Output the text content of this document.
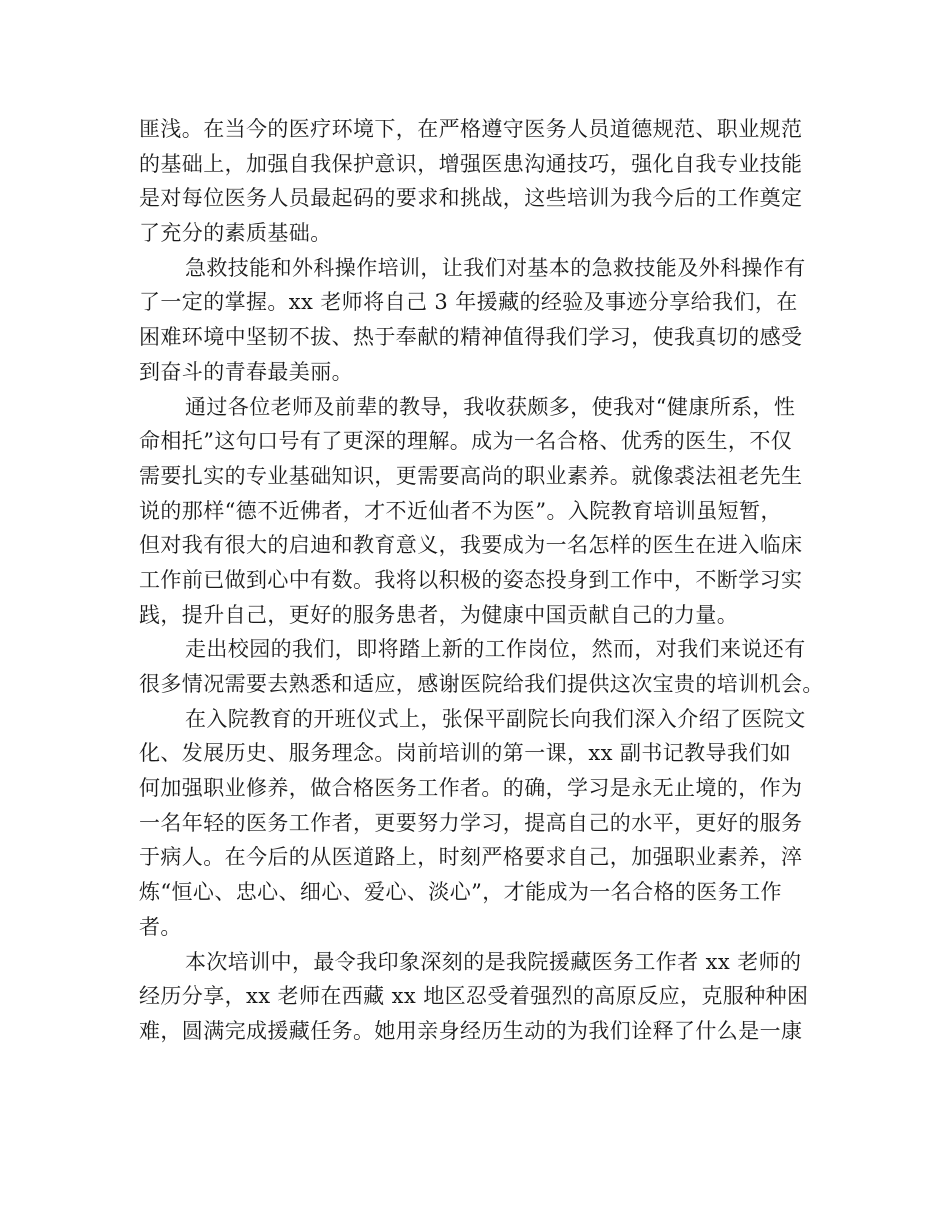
匪浅。在当今的医疗环境下，在严格遵守医务人员道德规范、职业规范
的基础上，加强自我保护意识，增强医患沟通技巧，强化自我专业技能
是对每位医务人员最起码的要求和挑战，这些培训为我今后的工作奠定
了充分的素质基础。
急救技能和外科操作培训，让我们对基本的急救技能及外科操作有
了一定的掌握。xx 老师将自己 3 年援藏的经验及事迹分享给我们，在
困难环境中坚韧不拔、热于奉献的精神值得我们学习，使我真切的感受
到奋斗的青春最美丽。
通过各位老师及前辈的教导，我收获颇多，使我对“健康所系，性
命相托”这句口号有了更深的理解。成为一名合格、优秀的医生，不仅
需要扎实的专业基础知识，更需要高尚的职业素养。就像裘法祖老先生
说的那样“德不近佛者，才不近仙者不为医”。入院教育培训虽短暂，
但对我有很大的启迪和教育意义，我要成为一名怎样的医生在进入临床
工作前已做到心中有数。我将以积极的姿态投身到工作中，不断学习实
践，提升自己，更好的服务患者，为健康中国贡献自己的力量。
走出校园的我们，即将踏上新的工作岗位，然而，对我们来说还有
很多情况需要去熟悉和适应，感谢医院给我们提供这次宝贵的培训机会。
在入院教育的开班仪式上，张保平副院长向我们深入介绍了医院文
化、发展历史、服务理念。岗前培训的第一课，xx 副书记教导我们如
何加强职业修养，做合格医务工作者。的确，学习是永无止境的，作为
一名年轻的医务工作者，更要努力学习，提高自己的水平，更好的服务
于病人。在今后的从医道路上，时刻严格要求自己，加强职业素养，淬
炼“恒心、忠心、细心、爱心、淡心”，才能成为一名合格的医务工作
者。
本次培训中，最令我印象深刻的是我院援藏医务工作者 xx 老师的
经历分享，xx 老师在西藏 xx 地区忍受着强烈的高原反应，克服种种困
难，圆满完成援藏任务。她用亲身经历生动的为我们诠释了什么是一康
